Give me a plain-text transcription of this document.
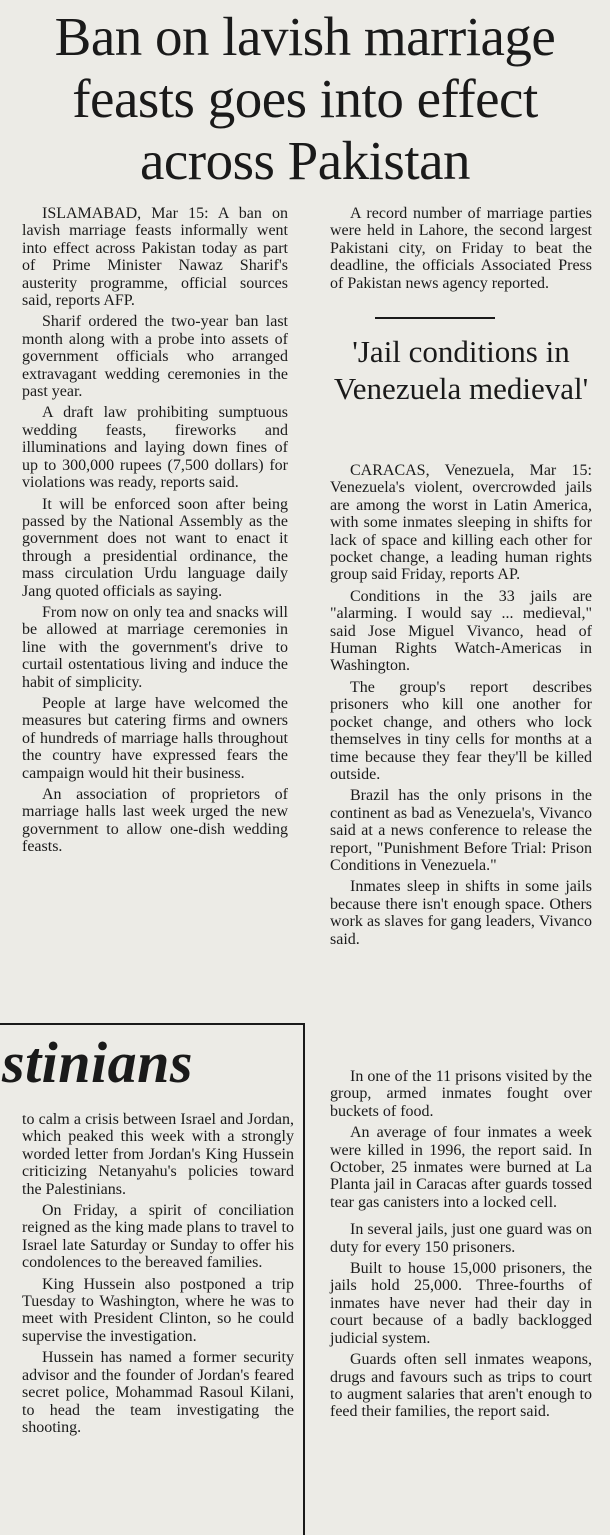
Ban on lavish marriage feasts goes into effect across Pakistan

ISLAMABAD, Mar 15: A ban on lavish marriage feasts informally went into effect across Pakistan today as part of Prime Minister Nawaz Sharif's austerity programme, official sources said, reports AFP.

Sharif ordered the two-year ban last month along with a probe into assets of government officials who arranged extravagant wedding ceremonies in the past year.

A draft law prohibiting sumptuous wedding feasts, fireworks and illuminations and laying down fines of up to 300,000 rupees (7,500 dollars) for violations was ready, reports said.

It will be enforced soon after being passed by the National Assembly as the government does not want to enact it through a presidential ordinance, the mass circulation Urdu language daily Jang quoted officials as saying.

From now on only tea and snacks will be allowed at marriage ceremonies in line with the government's drive to curtail ostentatious living and induce the habit of simplicity.

People at large have welcomed the measures but catering firms and owners of hundreds of marriage halls throughout the country have expressed fears the campaign would hit their business.

An association of proprietors of marriage halls last week urged the new government to allow one-dish wedding feasts.

A record number of marriage parties were held in Lahore, the second largest Pakistani city, on Friday to beat the deadline, the officials Associated Press of Pakistan news agency reported.

'Jail conditions in Venezuela medieval'

CARACAS, Venezuela, Mar 15: Venezuela's violent, overcrowded jails are among the worst in Latin America, with some inmates sleeping in shifts for lack of space and killing each other for pocket change, a leading human rights group said Friday, reports AP.

Conditions in the 33 jails are "alarming. I would say ... medieval," said Jose Miguel Vivanco, head of Human Rights Watch-Americas in Washington.

The group's report describes prisoners who kill one another for pocket change, and others who lock themselves in tiny cells for months at a time because they fear they'll be killed outside.

Brazil has the only prisons in the continent as bad as Venezuela's, Vivanco said at a news conference to release the report, "Punishment Before Trial: Prison Conditions in Venezuela."

Inmates sleep in shifts in some jails because there isn't enough space. Others work as slaves for gang leaders, Vivanco said.

In one of the 11 prisons visited by the group, armed inmates fought over buckets of food.

An average of four inmates a week were killed in 1996, the report said. In October, 25 inmates were burned at La Planta jail in Caracas after guards tossed tear gas canisters into a locked cell.

In several jails, just one guard was on duty for every 150 prisoners.

Built to house 15,000 prisoners, the jails hold 25,000. Three-fourths of inmates have never had their day in court because of a badly backlogged judicial system.

Guards often sell inmates weapons, drugs and favours such as trips to court to augment salaries that aren't enough to feed their families, the report said.

stinians

to calm a crisis between Israel and Jordan, which peaked this week with a strongly worded letter from Jordan's King Hussein criticizing Netanyahu's policies toward the Palestinians.

On Friday, a spirit of conciliation reigned as the king made plans to travel to Israel late Saturday or Sunday to offer his condolences to the bereaved families.

King Hussein also postponed a trip Tuesday to Washington, where he was to meet with President Clinton, so he could supervise the investigation.

Hussein has named a former security advisor and the founder of Jordan's feared secret police, Mohammad Rasoul Kilani, to head the team investigating the shooting.
